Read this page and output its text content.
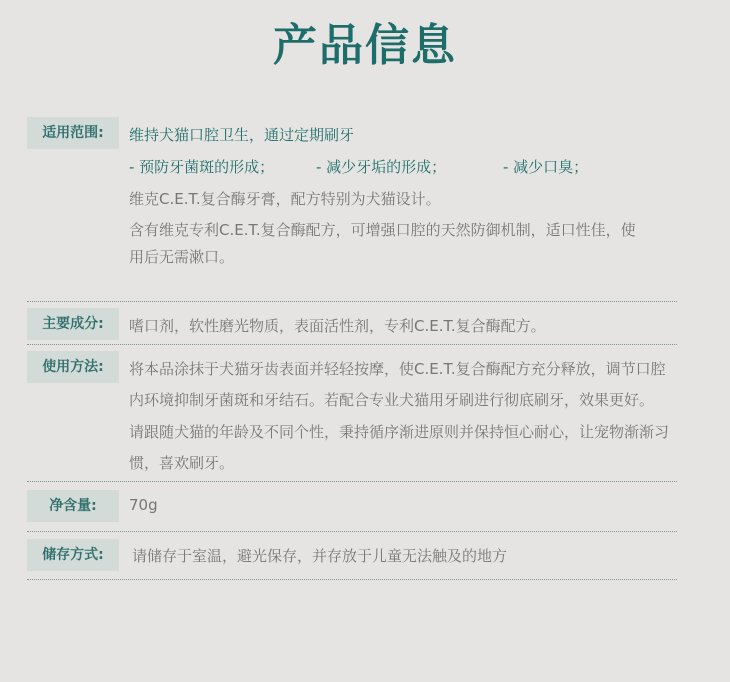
产品信息
适用范围:	维持犬猫口腔卫生，通过定期刷牙
- 预防牙菌斑的形成；	- 减少牙垢的形成；	- 减少口臭；
维克C.E.T.复合酶牙膏，配方特别为犬猫设计。
含有维克专利C.E.T.复合酶配方，可增强口腔的天然防御机制，适口性佳，使
用后无需漱口。
主要成分:	嗜口剂，软性磨光物质，表面活性剂，专利C.E.T.复合酶配方。
使用方法:	将本品涂抹于犬猫牙齿表面并轻轻按摩，使C.E.T.复合酶配方充分释放，调节口腔
内环境抑制牙菌斑和牙结石。若配合专业犬猫用牙刷进行彻底刷牙，效果更好。
请跟随犬猫的年龄及不同个性，秉持循序渐进原则并保持恒心耐心，让宠物渐渐习
惯，喜欢刷牙。
净含量:	70g
储存方式:	请储存于室温，避光保存，并存放于儿童无法触及的地方
